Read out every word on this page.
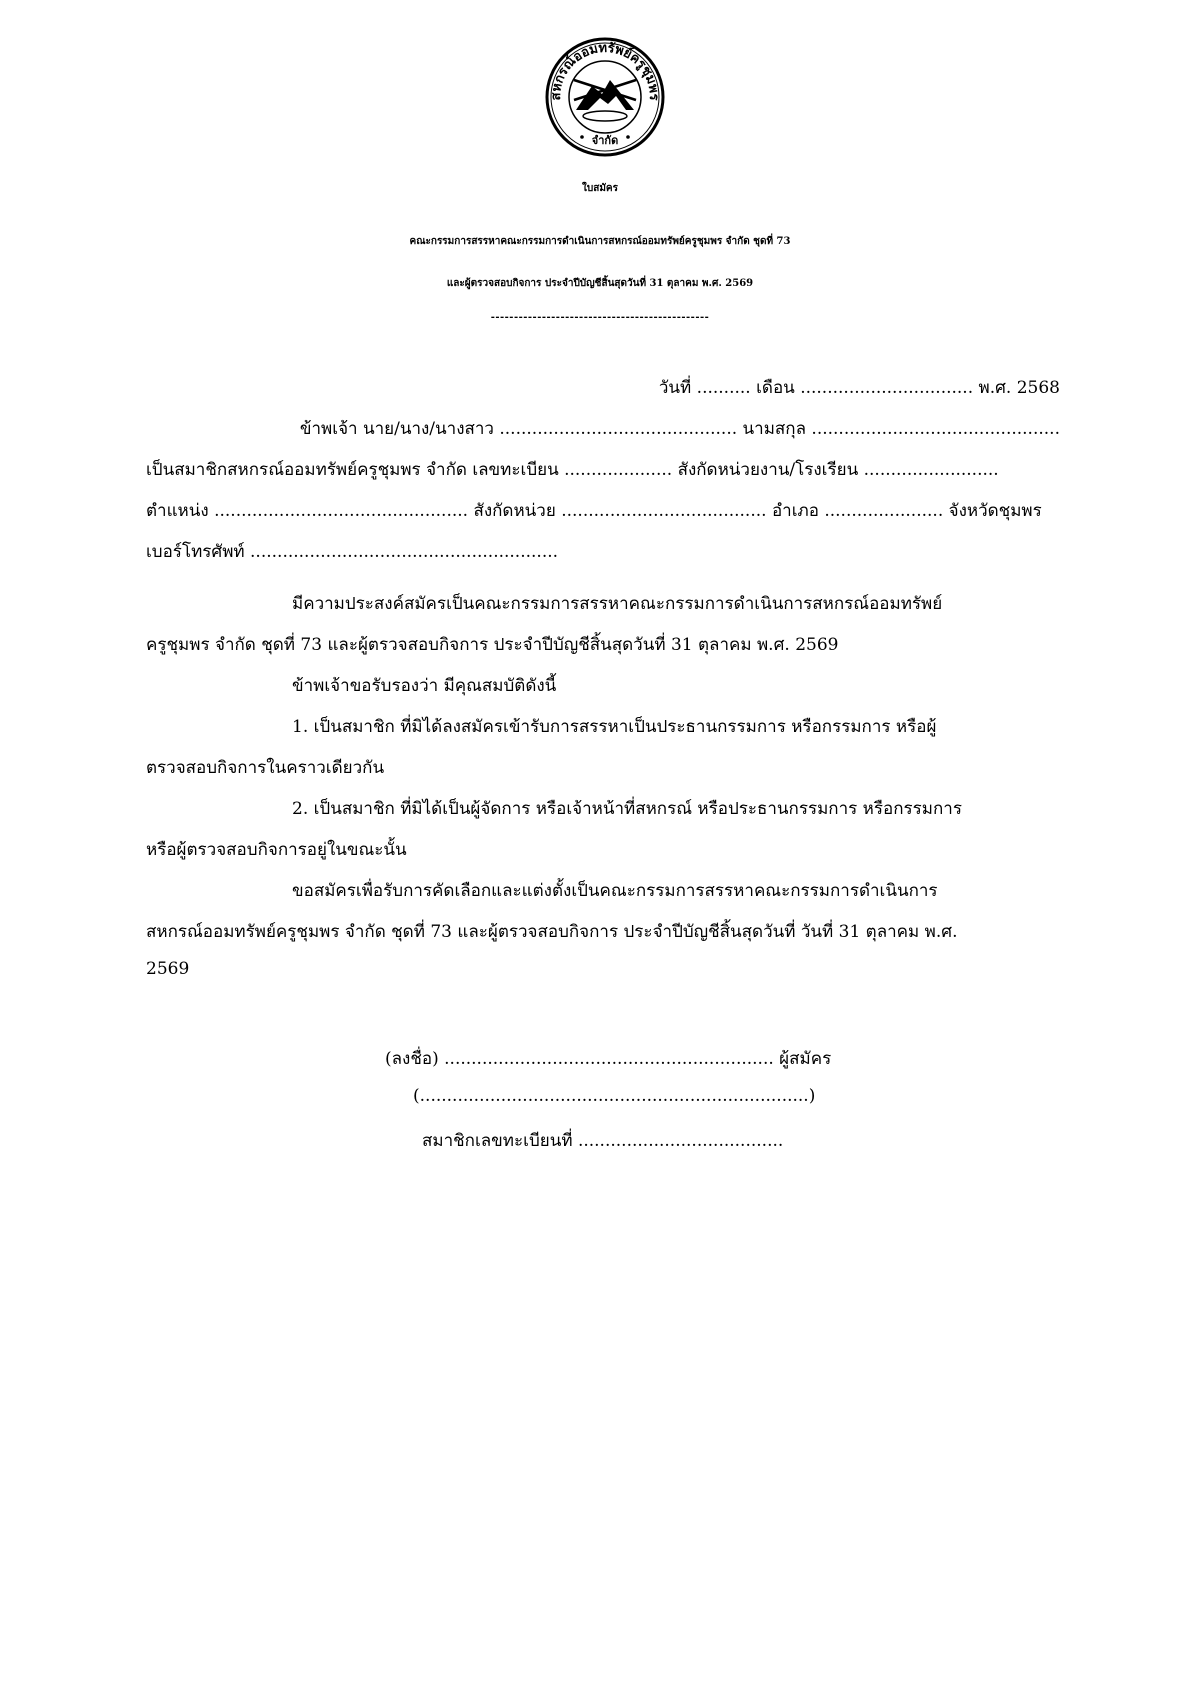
สหกรณ์ออมทรัพย์ครูชุมพร
จำกัด
ใบสมัคร
คณะกรรมการสรรหาคณะกรรมการดำเนินการสหกรณ์ออมทรัพย์ครูชุมพร จำกัด ชุดที่ 73
และผู้ตรวจสอบกิจการ ประจำปีบัญชีสิ้นสุดวันที่ 31 ตุลาคม พ.ศ. 2569
-----------------------------------------------
วันที่ .......... เดือน ................................ พ.ศ. 2568
ข้าพเจ้า นาย/นาง/นางสาว ............................................ นามสกุล ..............................................
เป็นสมาชิกสหกรณ์ออมทรัพย์ครูชุมพร จำกัด เลขทะเบียน .................... สังกัดหน่วยงาน/โรงเรียน .........................
ตำแหน่ง ............................................... สังกัดหน่วย ...................................... อำเภอ ...................... จังหวัดชุมพร
เบอร์โทรศัพท์ .........................................................
มีความประสงค์สมัครเป็นคณะกรรมการสรรหาคณะกรรมการดำเนินการสหกรณ์ออมทรัพย์
ครูชุมพร จำกัด ชุดที่ 73 และผู้ตรวจสอบกิจการ ประจำปีบัญชีสิ้นสุดวันที่ 31 ตุลาคม พ.ศ. 2569
ข้าพเจ้าขอรับรองว่า มีคุณสมบัติดังนี้
1. เป็นสมาชิก ที่มิได้ลงสมัครเข้ารับการสรรหาเป็นประธานกรรมการ หรือกรรมการ หรือผู้
ตรวจสอบกิจการในคราวเดียวกัน
2. เป็นสมาชิก ที่มิได้เป็นผู้จัดการ หรือเจ้าหน้าที่สหกรณ์ หรือประธานกรรมการ หรือกรรมการ
หรือผู้ตรวจสอบกิจการอยู่ในขณะนั้น
ขอสมัครเพื่อรับการคัดเลือกและแต่งตั้งเป็นคณะกรรมการสรรหาคณะกรรมการดำเนินการ
สหกรณ์ออมทรัพย์ครูชุมพร จำกัด ชุดที่ 73 และผู้ตรวจสอบกิจการ ประจำปีบัญชีสิ้นสุดวันที่ วันที่ 31 ตุลาคม พ.ศ.
2569
(ลงชื่อ) ............................................................. ผู้สมัคร
(........................................................................)
สมาชิกเลขทะเบียนที่ ......................................
